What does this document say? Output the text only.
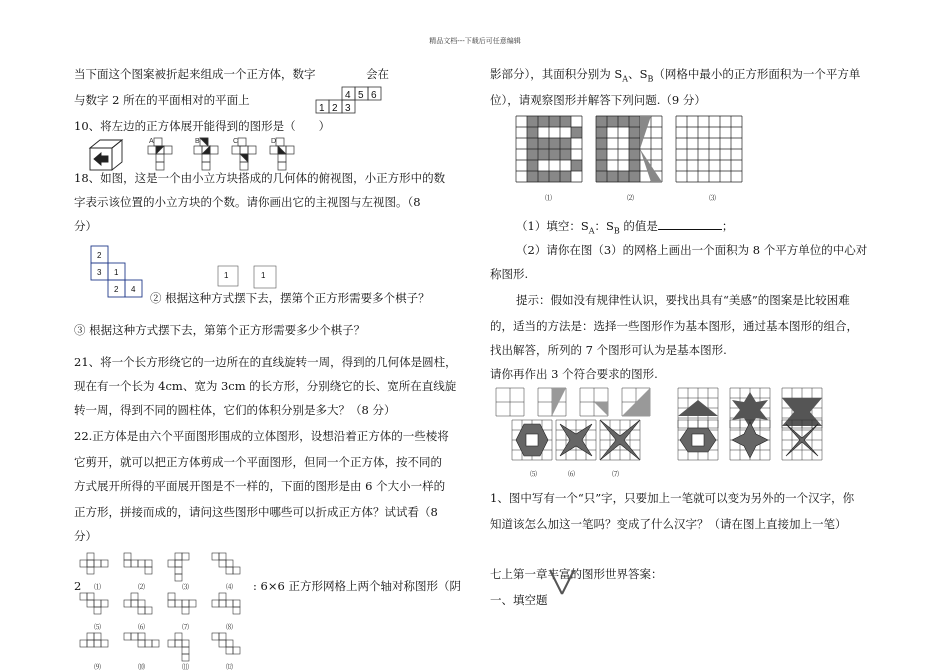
精品文档---下载后可任意编辑
当下面这个图案被折起来组成一个正方体，数字	会在
与数字 2 所在的平面相对的平面上
1 2 3
4 5 6
10、将左边的正方体展开能得到的图形是（　　）
A	B	C	D
18、如图，这是一个由小立方块搭成的几何体的俯视图，小正方形中的数
字表示该位置的小立方块的个数。请你画出它的主视图与左视图。（8
分）
2
3 1
2 4
1	1
② 根据这种方式摆下去，摆第个正方形需要多个棋子？
③ 根据这种方式摆下去，第第个正方形需要多少个棋子？
21、将一个长方形绕它的一边所在的直线旋转一周，得到的几何体是圆柱，
现在有一个长为 4cm、宽为 3cm 的长方形，分别绕它的长、宽所在直线旋
转一周，得到不同的圆柱体，它们的体积分别是多大？（8 分）
22.正方体是由六个平面图形围成的立体图形，设想沿着正方体的一些棱将
它剪开，就可以把正方体剪成一个平面图形，但同一个正方体，按不同的
方式展开所得的平面展开图是不一样的，下面的图形是由 6 个大小一样的
正方形，拼接而成的，请问这些图形中哪些可以折成正方体？试试看（8
分）
2	: 6×6 正方形网格上两个轴对称图形（阴
⑴	⑵	⑶	⑷
⑸	⑹	⑺	⑻
⑼	⑽	⑾	⑿
影部分），其面积分别为 $S_A$、$S_B$（网格中最小的正方形面积为一个平方单
位），请观察图形并解答下列问题.（9 分）
⑴	⑵	⑶
（1）填空：$S_A$：$S_B$ 的值是	；
（2）请你在图（3）的网格上画出一个面积为 8 个平方单位的中心对
称图形.
提示：假如没有规律性认识，要找出具有“美感”的图案是比较困难
的，适当的方法是：选择一些图形作为基本图形，通过基本图形的组合，
找出解答，所列的 7 个图形可认为是基本图形.
请你再作出 3 个符合要求的图形.
⑸	⑹	⑺
1、图中写有一个“只”字，只要加上一笔就可以变为另外的一个汉字，你
知道该怎么加这一笔吗？变成了什么汉字？（请在图上直接加上一笔）
七上第一章丰富的图形世界答案：
一、填空题
